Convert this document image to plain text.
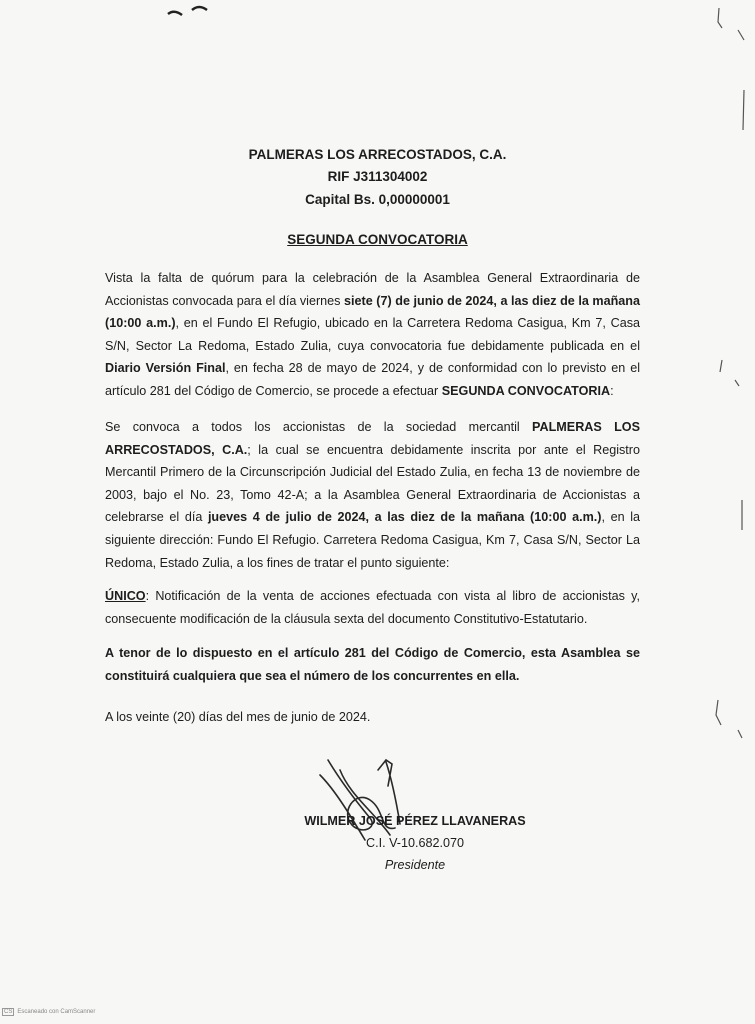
PALMERAS LOS ARRECOSTADOS, C.A.
RIF J311304002
Capital Bs. 0,00000001
SEGUNDA CONVOCATORIA

Vista la falta de quórum para la celebración de la Asamblea General Extraordinaria de Accionistas convocada para el día viernes siete (7) de junio de 2024, a las diez de la mañana (10:00 a.m.), en el Fundo El Refugio, ubicado en la Carretera Redoma Casigua, Km 7, Casa S/N, Sector La Redoma, Estado Zulia, cuya convocatoria fue debidamente publicada en el Diario Versión Final, en fecha 28 de mayo de 2024, y de conformidad con lo previsto en el artículo 281 del Código de Comercio, se procede a efectuar SEGUNDA CONVOCATORIA:

Se convoca a todos los accionistas de la sociedad mercantil PALMERAS LOS ARRECOSTADOS, C.A.; la cual se encuentra debidamente inscrita por ante el Registro Mercantil Primero de la Circunscripción Judicial del Estado Zulia, en fecha 13 de noviembre de 2003, bajo el No. 23, Tomo 42-A; a la Asamblea General Extraordinaria de Accionistas a celebrarse el día jueves 4 de julio de 2024, a las diez de la mañana (10:00 a.m.), en la siguiente dirección: Fundo El Refugio. Carretera Redoma Casigua, Km 7, Casa S/N, Sector La Redoma, Estado Zulia, a los fines de tratar el punto siguiente:

ÚNICO: Notificación de la venta de acciones efectuada con vista al libro de accionistas y, consecuente modificación de la cláusula sexta del documento Constitutivo-Estatutario.

A tenor de lo dispuesto en el artículo 281 del Código de Comercio, esta Asamblea se constituirá cualquiera que sea el número de los concurrentes en ella.

A los veinte (20) días del mes de junio de 2024.

WILMER JOSÉ PÉREZ LLAVANERAS
C.I. V-10.682.070
Presidente
CS Escaneado con CamScanner
